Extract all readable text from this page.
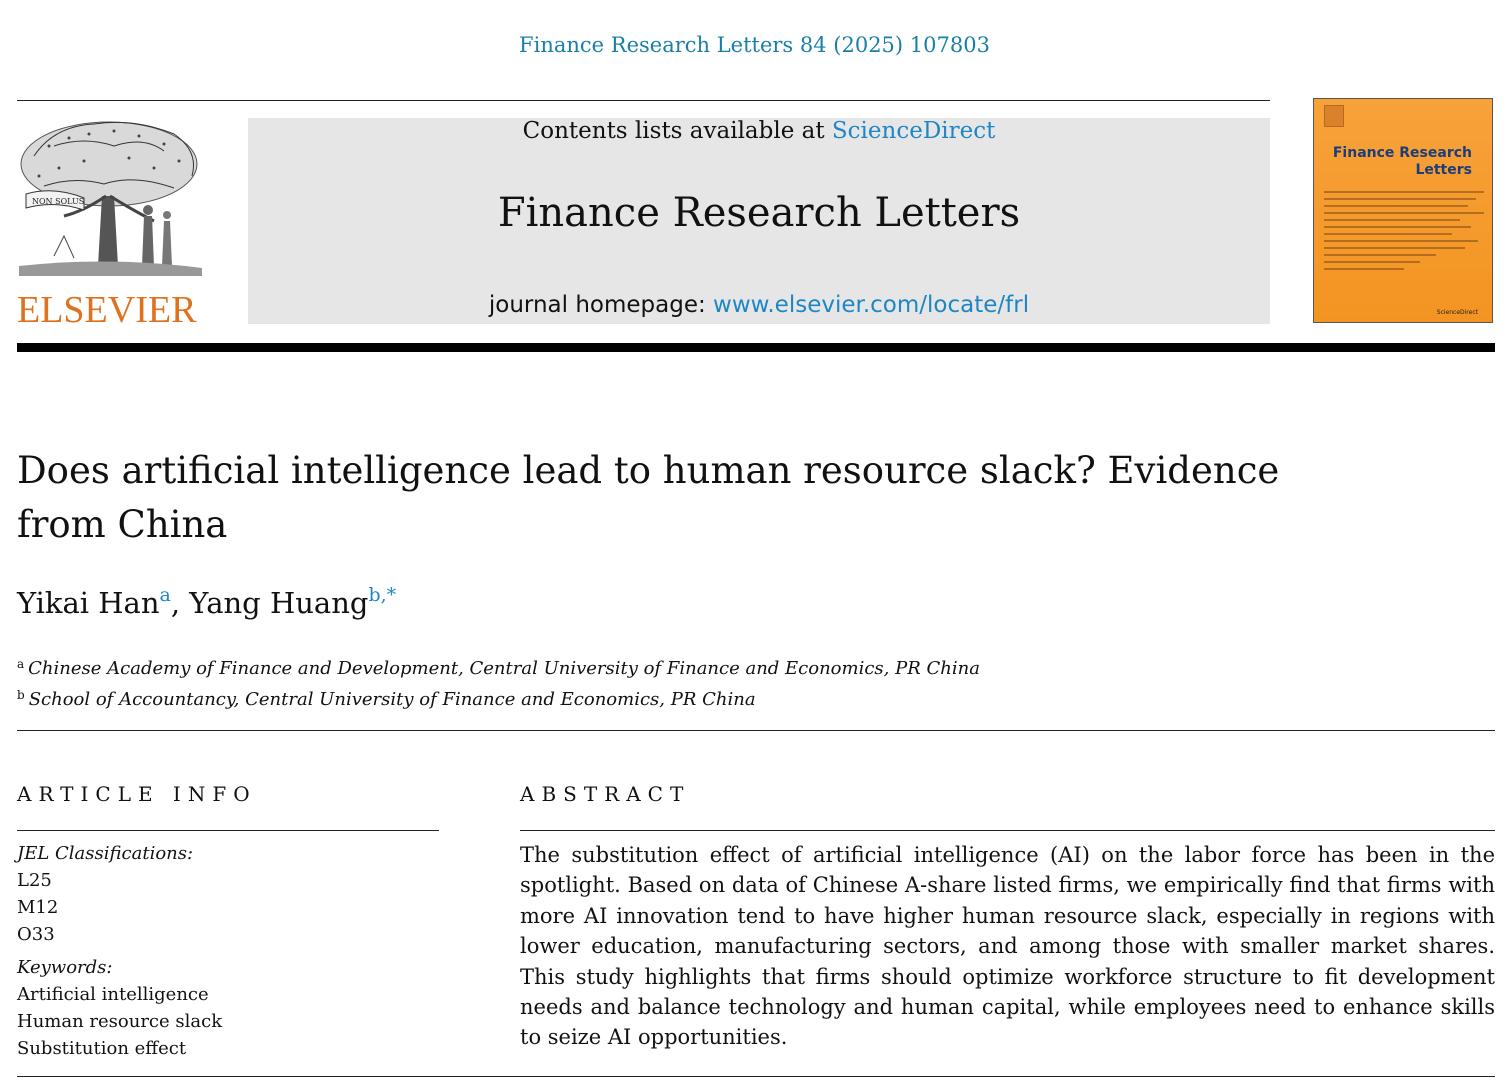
Finance Research Letters 84 (2025) 107803
NON SOLUS
ELSEVIER
Contents lists available at ScienceDirect
Finance Research Letters
journal homepage: www.elsevier.com/locate/frl
Finance Research
Letters
ScienceDirect
Does artificial intelligence lead to human resource slack? Evidence from China
Yikai Han$^a$, Yang Huang$^{b,*}$
$^a$ Chinese Academy of Finance and Development, Central University of Finance and Economics, PR China
$^b$ School of Accountancy, Central University of Finance and Economics, PR China
ARTICLE INFO	ABSTRACT
JEL Classifications:
L25
M12
O33
Keywords:
Artificial intelligence
Human resource slack
Substitution effect
The substitution effect of artificial intelligence (AI) on the labor force has been in the spotlight. Based on data of Chinese A-share listed firms, we empirically find that firms with more AI innovation tend to have higher human resource slack, especially in regions with lower education, manufacturing sectors, and among those with smaller market shares. This study highlights that firms should optimize workforce structure to fit development needs and balance technology and human capital, while employees need to enhance skills to seize AI opportunities.
